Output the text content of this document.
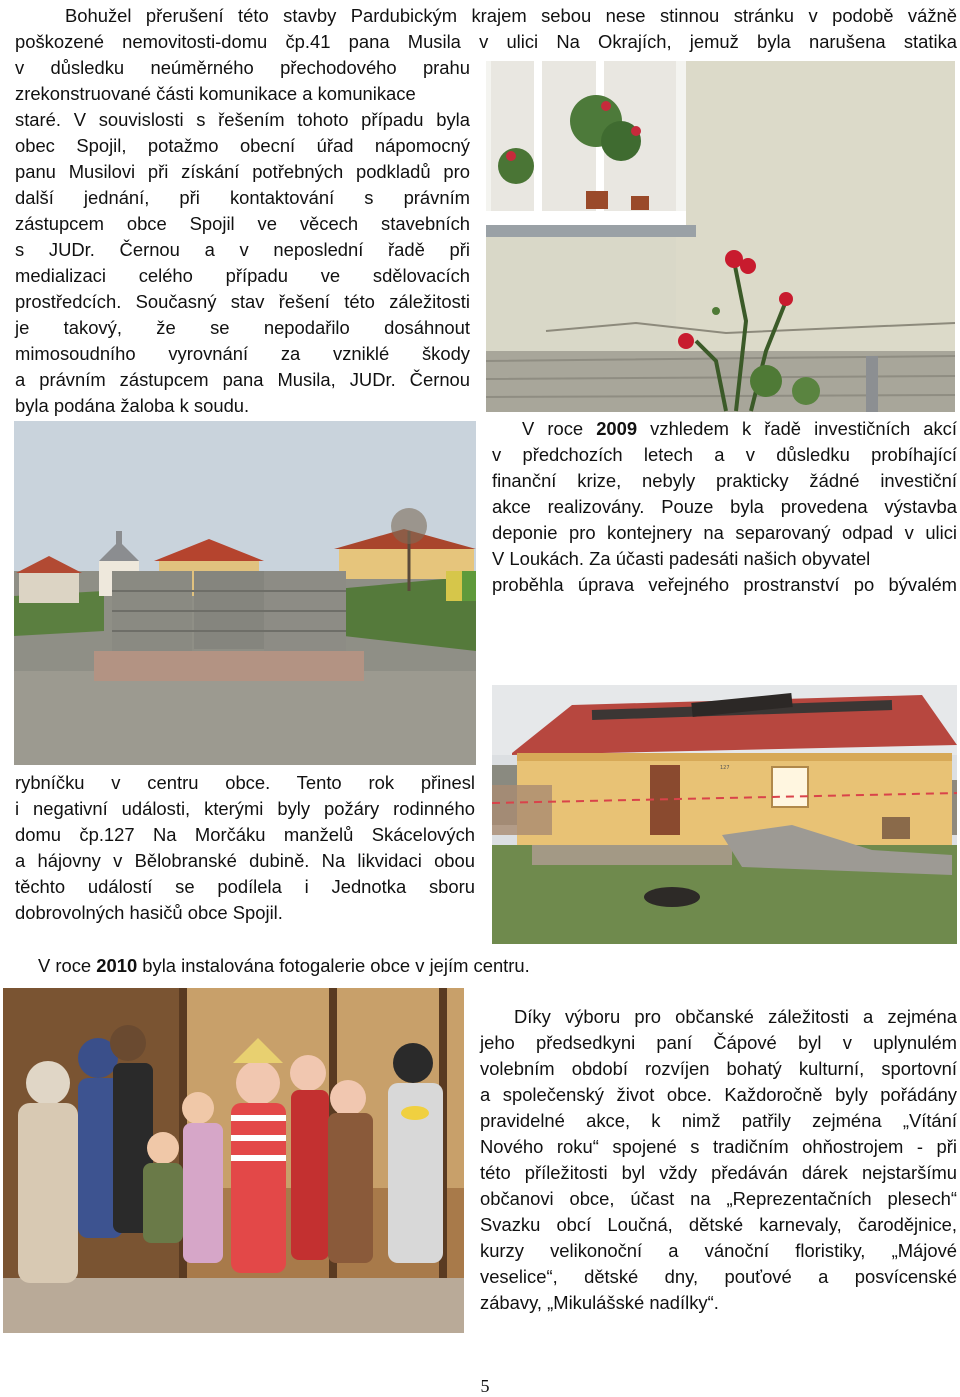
Bohužel přerušení této stavby Pardubickým krajem sebou nese stinnou stránku v podobě vážně
poškozené nemovitosti-domu čp.41 pana Musila v ulici Na Okrajích, jemuž byla narušena statika
v důsledku neúměrného přechodového prahu
zrekonstruované části komunikace a komunikace
staré. V souvislosti s řešením tohoto případu byla
obec Spojil, potažmo obecní úřad nápomocný
panu Musilovi při získání potřebných podkladů pro
další jednání, při kontaktování s právním
zástupcem obce Spojil ve věcech stavebních
s JUDr. Černou a v neposlední řadě při
medializaci celého případu ve sdělovacích
prostředcích. Současný stav řešení této záležitosti
je takový, že se nepodařilo dosáhnout
mimosoudního vyrovnání za vzniklé škody
a právním zástupcem pana Musila, JUDr. Černou
byla podána žaloba k soudu.
V roce 2009 vzhledem k řadě investičních akcí
v předchozích letech a v důsledku probíhající
finanční krize, nebyly prakticky žádné investiční
akce realizovány. Pouze byla provedena výstavba
deponie pro kontejnery na separovaný odpad v ulici
V Loukách. Za účasti padesáti našich obyvatel
proběhla úprava veřejného prostranství po bývalém
127
rybníčku v centru obce. Tento rok přinesl
i negativní události, kterými byly požáry rodinného
domu čp.127 Na Morčáku manželů Skácelových
a hájovny v Bělobranské dubině. Na likvidaci obou
těchto událostí se podílela i Jednotka sboru
dobrovolných hasičů obce Spojil.
V roce 2010 byla instalována fotogalerie obce v jejím centru.
Díky výboru pro občanské záležitosti a zejména
jeho předsedkyni paní Čápové byl v uplynulém
volebním období rozvíjen bohatý kulturní, sportovní
a společenský život obce. Každoročně byly pořádány
pravidelné akce, k nimž patřily zejména „Vítání
Nového roku“ spojené s tradičním ohňostrojem - při
této příležitosti byl vždy předáván dárek nejstaršímu
občanovi obce, účast na „Reprezentačních plesech“
Svazku obcí Loučná, dětské karnevaly, čarodějnice,
kurzy velikonoční a vánoční floristiky, „Májové
veselice“, dětské dny, pouťové a posvícenské
zábavy, „Mikulášské nadílky“.
5
